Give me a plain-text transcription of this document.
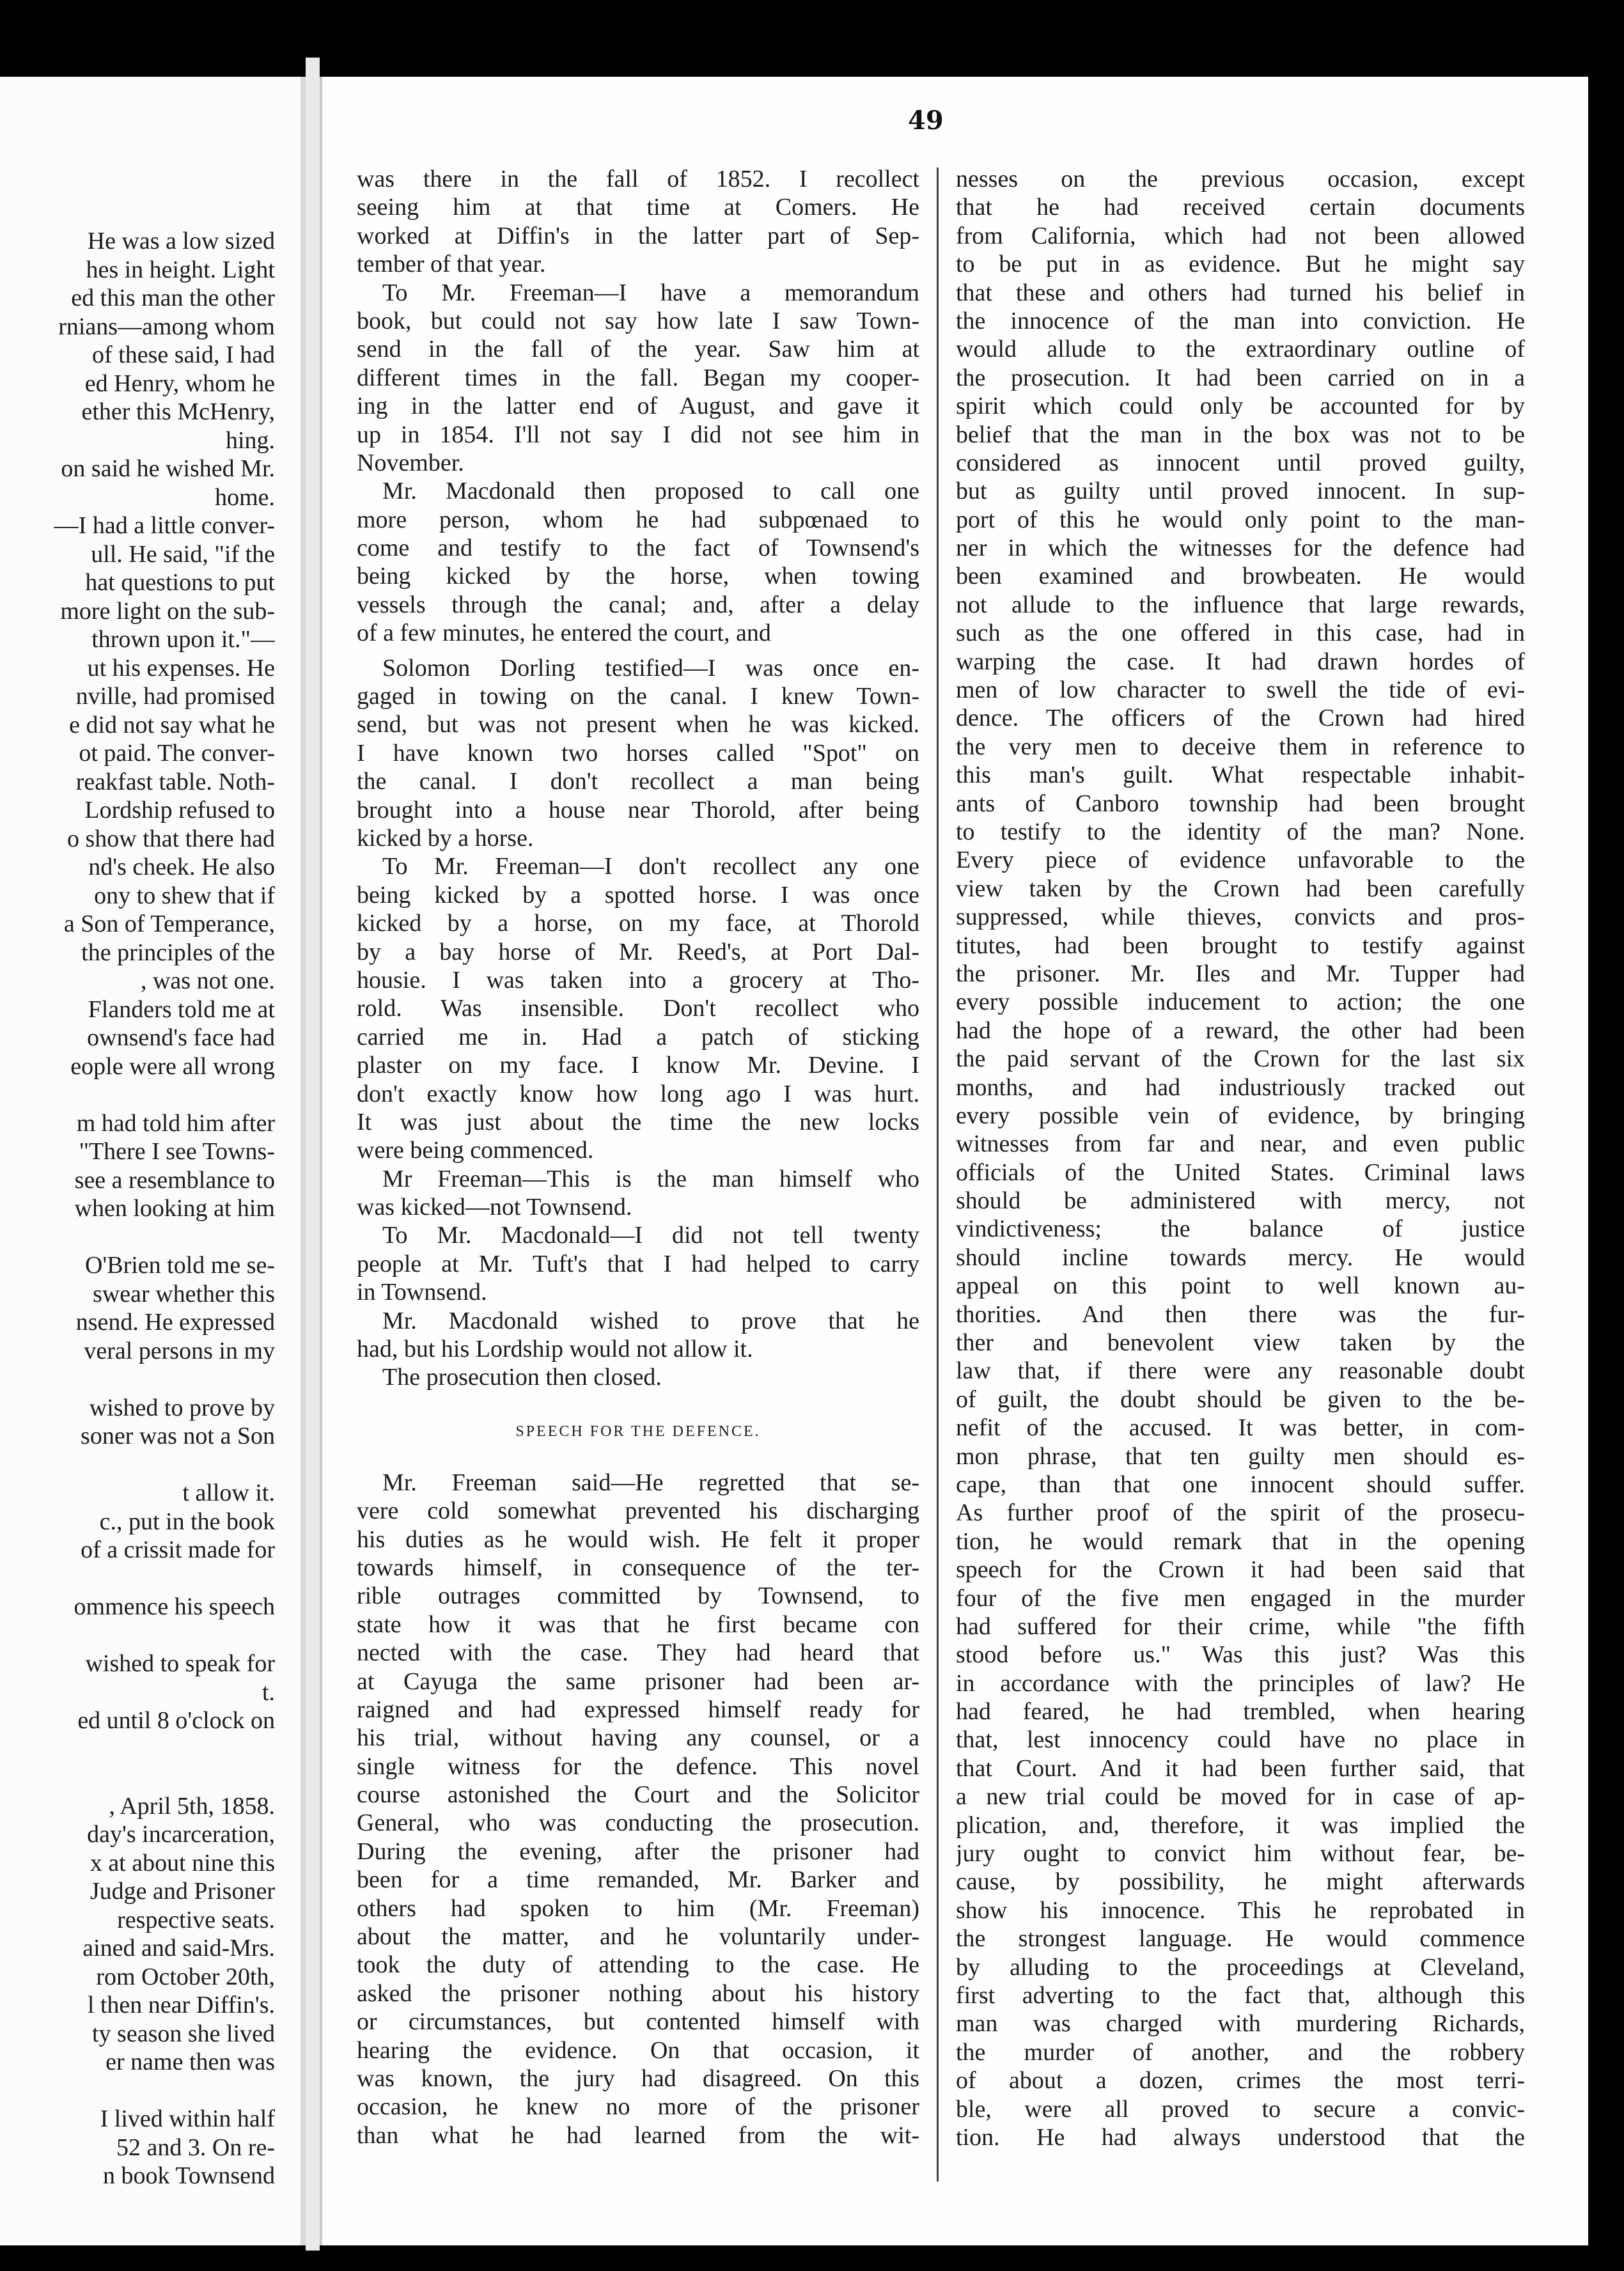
He was a low sized
hes in height. Light
ed this man the other
rnians—among whom
of these said, I had
ed Henry, whom he
ether this McHenry,
hing.
on said he wished Mr.
home.
—I had a little conver-
ull. He said, "if the
hat questions to put
more light on the sub-
thrown upon it."—
ut his expenses. He
nville, had promised
e did not say what he
ot paid. The conver-
reakfast table. Noth-
Lordship refused to
o show that there had
nd's cheek. He also
ony to shew that if
a Son of Temperance,
the principles of the
, was not one.
Flanders told me at
ownsend's face had
eople were all wrong
m had told him after
"There I see Towns-
see a resemblance to
when looking at him
O'Brien told me se-
swear whether this
nsend. He expressed
veral persons in my
wished to prove by
soner was not a Son
t allow it.
c., put in the book
of a crissit made for
ommence his speech
wished to speak for
t.
ed until 8 o'clock on
, April 5th, 1858.
day's incarceration,
x at about nine this
Judge and Prisoner
respective seats.
ained and said-Mrs.
rom October 20th,
l then near Diffin's.
ty season she lived
er name then was
I lived within half
52 and 3. On re-
n book Townsend
49
was there in the fall of 1852. I recollect
seeing him at that time at Comers. He
worked at Diffin's in the latter part of Sep-
tember of that year.
To Mr. Freeman—I have a memorandum
book, but could not say how late I saw Town-
send in the fall of the year. Saw him at
different times in the fall. Began my cooper-
ing in the latter end of August, and gave it
up in 1854. I'll not say I did not see him in
November.
Mr. Macdonald then proposed to call one
more person, whom he had subpœnaed to
come and testify to the fact of Townsend's
being kicked by the horse, when towing
vessels through the canal; and, after a delay
of a few minutes, he entered the court, and
Solomon Dorling testified—I was once en-
gaged in towing on the canal. I knew Town-
send, but was not present when he was kicked.
I have known two horses called "Spot" on
the canal. I don't recollect a man being
brought into a house near Thorold, after being
kicked by a horse.
To Mr. Freeman—I don't recollect any one
being kicked by a spotted horse. I was once
kicked by a horse, on my face, at Thorold
by a bay horse of Mr. Reed's, at Port Dal-
housie. I was taken into a grocery at Tho-
rold. Was insensible. Don't recollect who
carried me in. Had a patch of sticking
plaster on my face. I know Mr. Devine. I
don't exactly know how long ago I was hurt.
It was just about the time the new locks
were being commenced.
Mr Freeman—This is the man himself who
was kicked—not Townsend.
To Mr. Macdonald—I did not tell twenty
people at Mr. Tuft's that I had helped to carry
in Townsend.
Mr. Macdonald wished to prove that he
had, but his Lordship would not allow it.
The prosecution then closed.
SPEECH FOR THE DEFENCE.
Mr. Freeman said—He regretted that se-
vere cold somewhat prevented his discharging
his duties as he would wish. He felt it proper
towards himself, in consequence of the ter-
rible outrages committed by Townsend, to
state how it was that he first became con
nected with the case. They had heard that
at Cayuga the same prisoner had been ar-
raigned and had expressed himself ready for
his trial, without having any counsel, or a
single witness for the defence. This novel
course astonished the Court and the Solicitor
General, who was conducting the prosecution.
During the evening, after the prisoner had
been for a time remanded, Mr. Barker and
others had spoken to him (Mr. Freeman)
about the matter, and he voluntarily under-
took the duty of attending to the case. He
asked the prisoner nothing about his history
or circumstances, but contented himself with
hearing the evidence. On that occasion, it
was known, the jury had disagreed. On this
occasion, he knew no more of the prisoner
than what he had learned from the wit-
nesses on the previous occasion, except
that he had received certain documents
from California, which had not been allowed
to be put in as evidence. But he might say
that these and others had turned his belief in
the innocence of the man into conviction. He
would allude to the extraordinary outline of
the prosecution. It had been carried on in a
spirit which could only be accounted for by
belief that the man in the box was not to be
considered as innocent until proved guilty,
but as guilty until proved innocent. In sup-
port of this he would only point to the man-
ner in which the witnesses for the defence had
been examined and browbeaten. He would
not allude to the influence that large rewards,
such as the one offered in this case, had in
warping the case. It had drawn hordes of
men of low character to swell the tide of evi-
dence. The officers of the Crown had hired
the very men to deceive them in reference to
this man's guilt. What respectable inhabit-
ants of Canboro township had been brought
to testify to the identity of the man? None.
Every piece of evidence unfavorable to the
view taken by the Crown had been carefully
suppressed, while thieves, convicts and pros-
titutes, had been brought to testify against
the prisoner. Mr. Iles and Mr. Tupper had
every possible inducement to action; the one
had the hope of a reward, the other had been
the paid servant of the Crown for the last six
months, and had industriously tracked out
every possible vein of evidence, by bringing
witnesses from far and near, and even public
officials of the United States. Criminal laws
should be administered with mercy, not
vindictiveness; the balance of justice
should incline towards mercy. He would
appeal on this point to well known au-
thorities. And then there was the fur-
ther and benevolent view taken by the
law that, if there were any reasonable doubt
of guilt, the doubt should be given to the be-
nefit of the accused. It was better, in com-
mon phrase, that ten guilty men should es-
cape, than that one innocent should suffer.
As further proof of the spirit of the prosecu-
tion, he would remark that in the opening
speech for the Crown it had been said that
four of the five men engaged in the murder
had suffered for their crime, while "the fifth
stood before us." Was this just? Was this
in accordance with the principles of law? He
had feared, he had trembled, when hearing
that, lest innocency could have no place in
that Court. And it had been further said, that
a new trial could be moved for in case of ap-
plication, and, therefore, it was implied the
jury ought to convict him without fear, be-
cause, by possibility, he might afterwards
show his innocence. This he reprobated in
the strongest language. He would commence
by alluding to the proceedings at Cleveland,
first adverting to the fact that, although this
man was charged with murdering Richards,
the murder of another, and the robbery
of about a dozen, crimes the most terri-
ble, were all proved to secure a convic-
tion. He had always understood that the
